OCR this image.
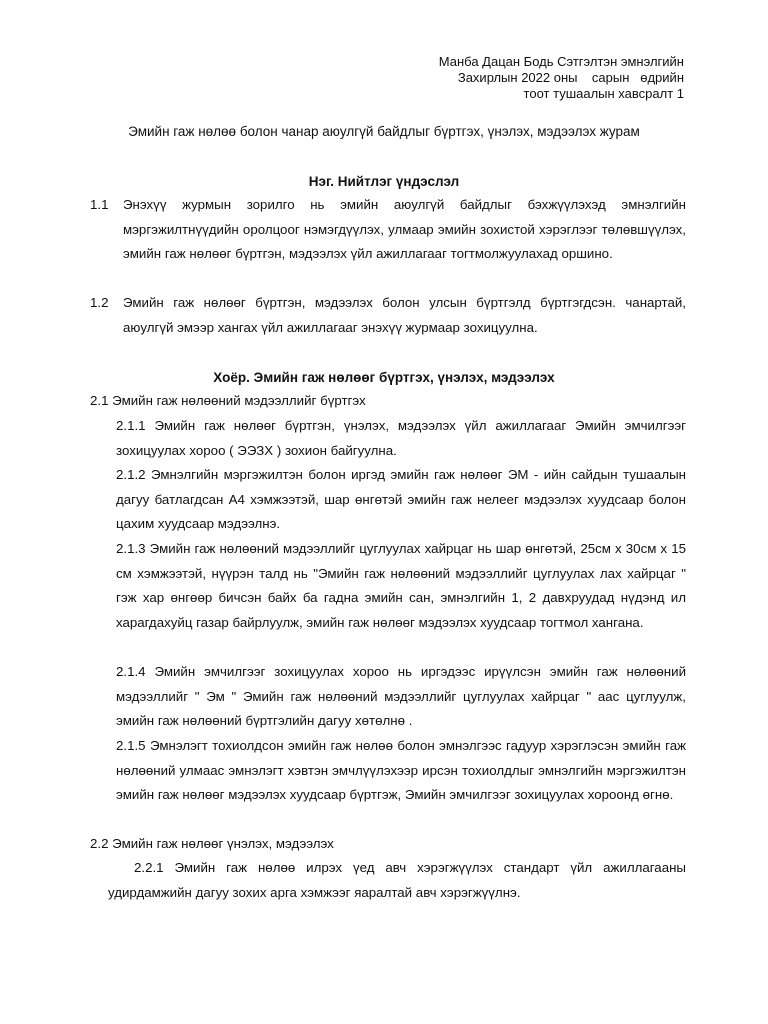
Манба Дацан Бодь Сэтгэлтэн эмнэлгийн
Захирлын 2022 оны    сарын   өдрийн
тоот тушаалын хавсралт 1
Эмийн гаж нөлөө болон чанар аюулгүй байдлыг бүртгэх, үнэлэх, мэдээлэх журам
Нэг. Нийтлэг үндэслэл
1.1 Энэхүү журмын зорилго нь эмийн аюулгүй байдлыг бэхжүүлэхэд эмнэлгийн мэргэжилтнүүдийн оролцоог нэмэгдүүлэх, улмаар эмийн зохистой хэрэглээг төлөвшүүлэх, эмийн гаж нөлөөг бүртгэн, мэдээлэх үйл ажиллагааг тогтмолжуулахад оршино.
1.2 Эмийн гаж нөлөөг бүртгэн, мэдээлэх болон улсын бүртгэлд бүртгэгдсэн. чанартай, аюулгүй эмээр хангах үйл ажиллагааг энэхүү журмаар зохицуулна.
Хоёр. Эмийн гаж нөлөөг бүртгэх, үнэлэх, мэдээлэх
2.1 Эмийн гаж нөлөөний мэдээллийг бүртгэх
2.1.1 Эмийн гаж нөлөөг бүртгэн, үнэлэх, мэдээлэх үйл ажиллагааг Эмийн эмчилгээг зохицуулах хороо ( ЭЭЗХ ) зохион байгуулна.
2.1.2 Эмнэлгийн мэргэжилтэн болон иргэд эмийн гаж нөлөөг ЭМ - ийн сайдын тушаалын дагуу батлагдсан А4 хэмжээтэй, шар өнгөтэй эмийн гаж нелеег мэдээлэх хуудсаар болон цахим хуудсаар мэдээлнэ.
2.1.3 Эмийн гаж нөлөөний мэдээллийг цуглуулах хайрцаг нь шар өнгөтэй, 25см х 30см х 15 см хэмжээтэй, нүүрэн талд нь "Эмийн гаж нөлөөний мэдээллийг цуглуулах лах хайрцаг " гэж хар өнгөөр бичсэн байх ба гадна эмийн сан, эмнэлгийн 1, 2 давхруудад нүдэнд ил харагдахуйц газар байрлуулж, эмийн гаж нөлөөг мэдээлэх хуудсаар тогтмол хангана.
2.1.4 Эмийн эмчилгээг зохицуулах хороо нь иргэдээс ирүүлсэн эмийн гаж нөлөөний мэдээллийг " Эм " Эмийн гаж нөлөөний мэдээллийг цуглуулах хайрцаг " аас цуглуулж, эмийн гаж нөлөөний бүртгэлийн дагуу хөтөлнө .
2.1.5 Эмнэлэгт тохиолдсон эмийн гаж нөлөө болон эмнэлгээс гадуур хэрэглэсэн эмийн гаж нөлөөний улмаас эмнэлэгт хэвтэн эмчлүүлэхээр ирсэн тохиолдлыг эмнэлгийн мэргэжилтэн эмийн гаж нөлөөг мэдээлэх хуудсаар бүртгэж, Эмийн эмчилгээг зохицуулах хороонд өгнө.
2.2 Эмийн гаж нөлөөг үнэлэх, мэдээлэх
2.2.1 Эмийн гаж нөлөө илрэх үед авч хэрэгжүүлэх стандарт үйл ажиллагааны удирдамжийн дагуу зохих арга хэмжээг яаралтай авч хэрэгжүүлнэ.
